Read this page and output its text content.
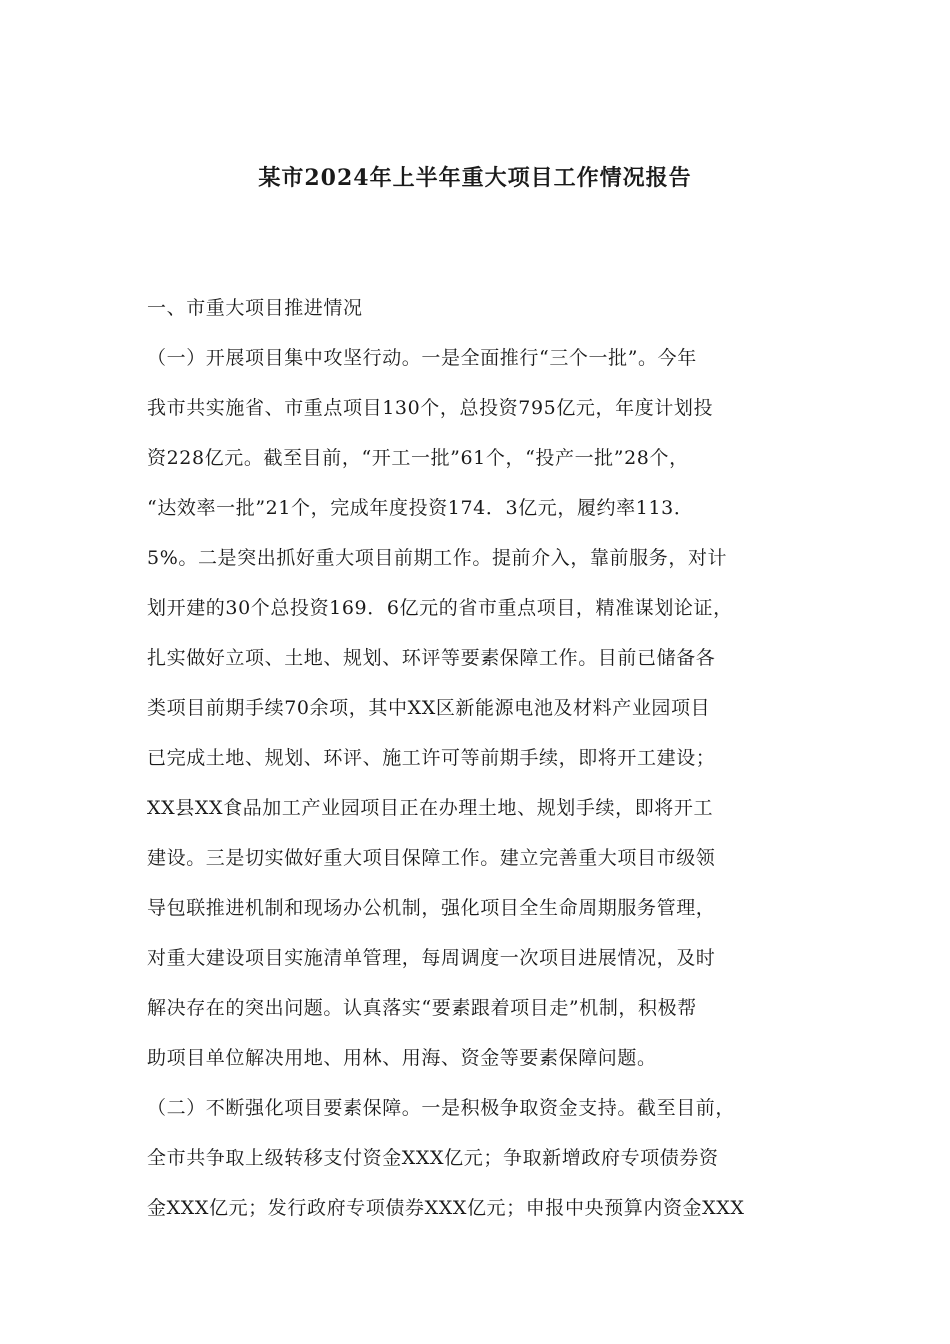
某市2024年上半年重大项目工作情况报告
一、市重大项目推进情况
（一）开展项目集中攻坚行动。一是全面推行“三个一批”。今年
我市共实施省、市重点项目130个，总投资795亿元，年度计划投
资228亿元。截至目前，“开工一批”61个，“投产一批”28个，
“达效率一批”21个，完成年度投资174．3亿元，履约率113．
5%。二是突出抓好重大项目前期工作。提前介入，靠前服务，对计
划开建的30个总投资169．6亿元的省市重点项目，精准谋划论证，
扎实做好立项、土地、规划、环评等要素保障工作。目前已储备各
类项目前期手续70余项，其中XX区新能源电池及材料产业园项目
已完成土地、规划、环评、施工许可等前期手续，即将开工建设；
XX县XX食品加工产业园项目正在办理土地、规划手续，即将开工
建设。三是切实做好重大项目保障工作。建立完善重大项目市级领
导包联推进机制和现场办公机制，强化项目全生命周期服务管理，
对重大建设项目实施清单管理，每周调度一次项目进展情况，及时
解决存在的突出问题。认真落实“要素跟着项目走”机制，积极帮
助项目单位解决用地、用林、用海、资金等要素保障问题。
（二）不断强化项目要素保障。一是积极争取资金支持。截至目前，
全市共争取上级转移支付资金XXX亿元；争取新增政府专项债券资
金XXX亿元；发行政府专项债券XXX亿元；申报中央预算内资金XXX
